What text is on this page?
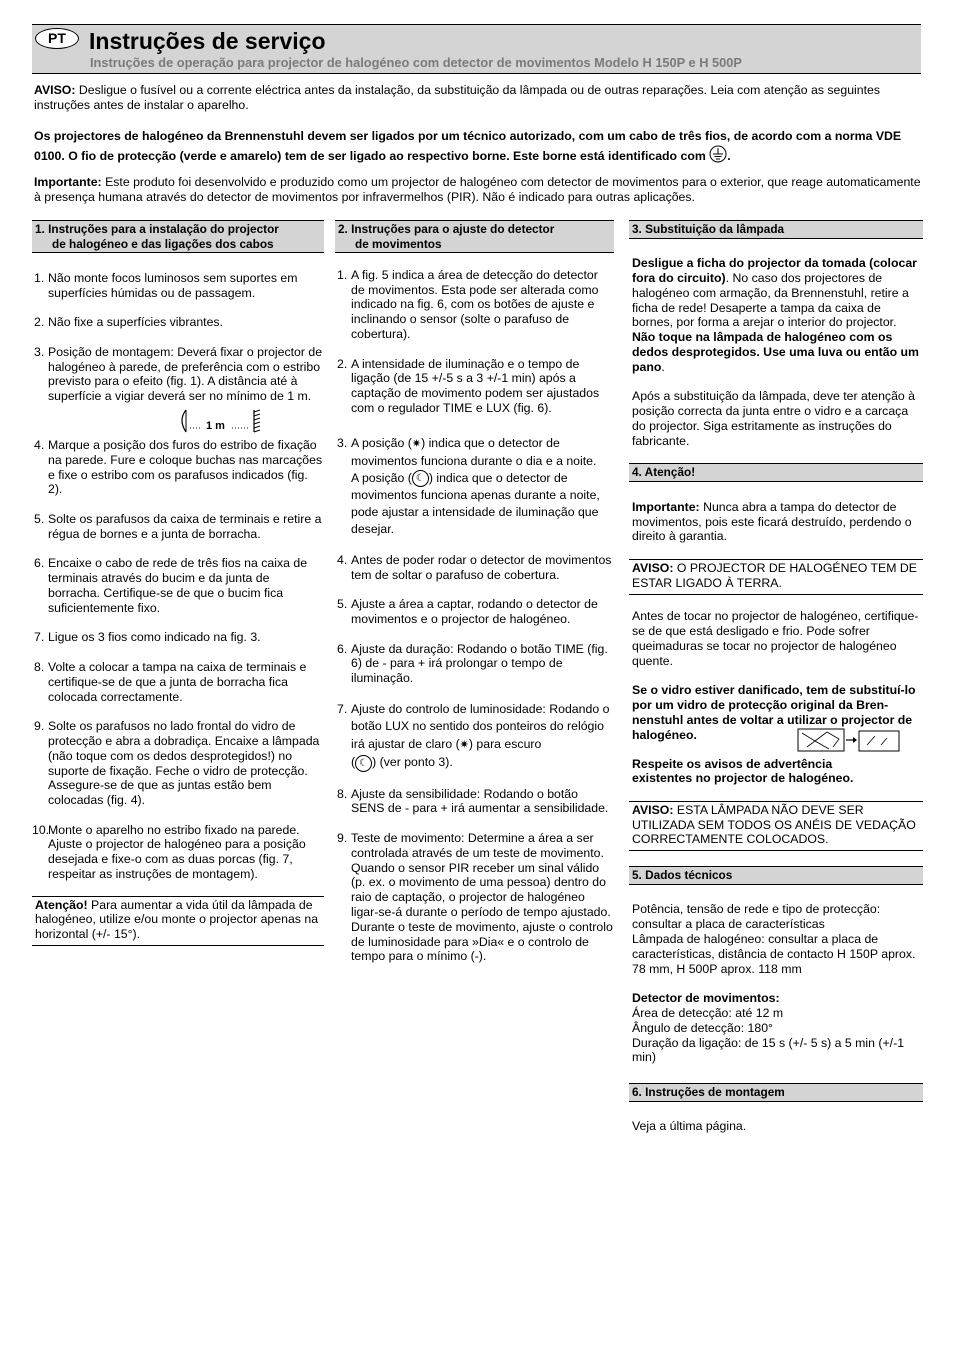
PT	Instruções de serviço
Instruções de operação para projector de halogéneo com detector de movimentos Modelo H 150P e H 500P
AVISO: Desligue o fusível ou a corrente eléctrica antes da instalação, da substituição da lâmpada ou de outras reparações. Leia com atenção as seguintes instruções antes de instalar o aparelho.
Os projectores de halogéneo da Brennenstuhl devem ser ligados por um técnico autorizado, com um cabo de três fios, de acordo com a norma VDE 0100. O fio de protecção (verde e amarelo) tem de ser ligado ao respectivo borne. Este borne está identificado com .
Importante: Este produto foi desenvolvido e produzido como um projector de halogéneo com detector de movimentos para o exterior, que reage automaticamente à presença humana através do detector de movimentos por infravermelhos (PIR). Não é indicado para outras aplicações.
1. Instruções para a instalação do projector
de halogéneo e das ligações dos cabos
1. Não monte focos luminosos sem suportes em superfícies húmidas ou de passagem.
2. Não fixe a superfícies vibrantes.
3. Posição de montagem: Deverá fixar o projector de halogéneo à parede, de preferência com o estribo previsto para o efeito (fig. 1). A distância até à superfície a vigiar deverá ser no mínimo de 1 m.
1 m
4. Marque a posição dos furos do estribo de fixação na parede. Fure e coloque buchas nas marcações e fixe o estribo com os parafusos indicados (fig. 2).
5. Solte os parafusos da caixa de terminais e retire a régua de bornes e a junta de borracha.
6. Encaixe o cabo de rede de três fios na caixa de terminais através do bucim e da junta de borracha. Certifique-se de que o bucim fica suficientemente fixo.
7. Ligue os 3 fios como indicado na fig. 3.
8. Volte a colocar a tampa na caixa de terminais e certifique-se de que a junta de borracha fica colocada correctamente.
9. Solte os parafusos no lado frontal do vidro de protecção e abra a dobradiça. Encaixe a lâmpada (não toque com os dedos desprotegidos!) no suporte de fixação. Feche o vidro de protecção. Assegure-se de que as juntas estão bem colocadas (fig. 4).
10.
Monte o aparelho no estribo fixado na parede. Ajuste o projector de halogéneo para a posição desejada e fixe-o com as duas porcas (fig. 7, respeitar as instruções de montagem).
Atenção! Para aumentar a vida útil da lâmpada de halogéneo, utilize e/ou monte o projector apenas na horizontal (+/- 15°).
2. Instruções para o ajuste do detector
de movimentos
1. A fig. 5 indica a área de detecção do detector de movimentos. Esta pode ser alterada como indicado na fig. 6, com os botões de ajuste e inclinando o sensor (solte o parafuso de cobertura).
2. A intensidade de iluminação e o tempo de ligação (de 15 +/-5 s a 3 +/-1 min) após a captação de movimento podem ser ajustados com o regulador TIME e LUX (fig. 6).
3. A posição (✷) indica que o detector de movimentos funciona durante o dia e a noite.
A posição ( ☾ ) indica que o detector de movimentos funciona apenas durante a noite, pode ajustar a intensidade de iluminação que desejar.
4. Antes de poder rodar o detector de movimentos tem de soltar o parafuso de cobertura.
5. Ajuste a área a captar, rodando o detector de movimentos e o projector de halogéneo.
6. Ajuste da duração: Rodando o botão TIME (fig. 6) de - para + irá prolongar o tempo de iluminação.
7. Ajuste do controlo de luminosidade: Rodando o botão LUX no sentido dos ponteiros do relógio irá ajustar de claro (✷) para escuro
( ☾ ) (ver ponto 3).
8. Ajuste da sensibilidade: Rodando o botão SENS de - para + irá aumentar a sensibilidade.
9. Teste de movimento: Determine a área a ser controlada através de um teste de movimento. Quando o sensor PIR receber um sinal válido (p. ex. o movimento de uma pessoa) dentro do raio de captação, o projector de halogéneo ligar-se-á durante o período de tempo ajustado. Durante o teste de movimento, ajuste o controlo de luminosidade para »Dia« e o controlo de tempo para o mínimo (-).
3. Substituição da lâmpada
Desligue a ficha do projector da tomada (colocar fora do circuito). No caso dos projectores de halogéneo com armação, da Brennenstuhl, retire a ficha de rede! Desaperte a tampa da caixa de bornes, por forma a arejar o interior do projector. Não toque na lâmpada de halogéneo com os dedos desprotegidos. Use uma luva ou então um pano.
Após a substituição da lâmpada, deve ter atenção à posição correcta da junta entre o vidro e a carcaça do projector. Siga estritamente as instruções do fabricante.
4. Atenção!
Importante: Nunca abra a tampa do detector de movimentos, pois este ficará destruído, perdendo o direito à garantia.
AVISO: O PROJECTOR DE HALOGÉNEO TEM DE ESTAR LIGADO À TERRA.
Antes de tocar no projector de halogéneo, certifique-se de que está desligado e frio. Pode sofrer queimaduras se tocar no projector de halogéneo quente.
Se o vidro estiver danificado, tem de substituí-lo por um vidro de protecção original da Bren-nenstuhl antes de voltar a utilizar o projector de halogéneo.
Respeite os avisos de advertência existentes no projector de halogéneo.
AVISO: ESTA LÂMPADA NÃO DEVE SER UTILIZADA SEM TODOS OS ANÉIS DE VEDAÇÃO CORRECTAMENTE COLOCADOS.
5. Dados técnicos
Potência, tensão de rede e tipo de protecção: consultar a placa de características
Lâmpada de halogéneo: consultar a placa de características, distância de contacto H 150P aprox. 78 mm, H 500P aprox. 118 mm
Detector de movimentos:
Área de detecção: até 12 m
Ângulo de detecção: 180°
Duração da ligação: de 15 s (+/- 5 s) a 5 min (+/-1 min)
6. Instruções de montagem
Veja a última página.
